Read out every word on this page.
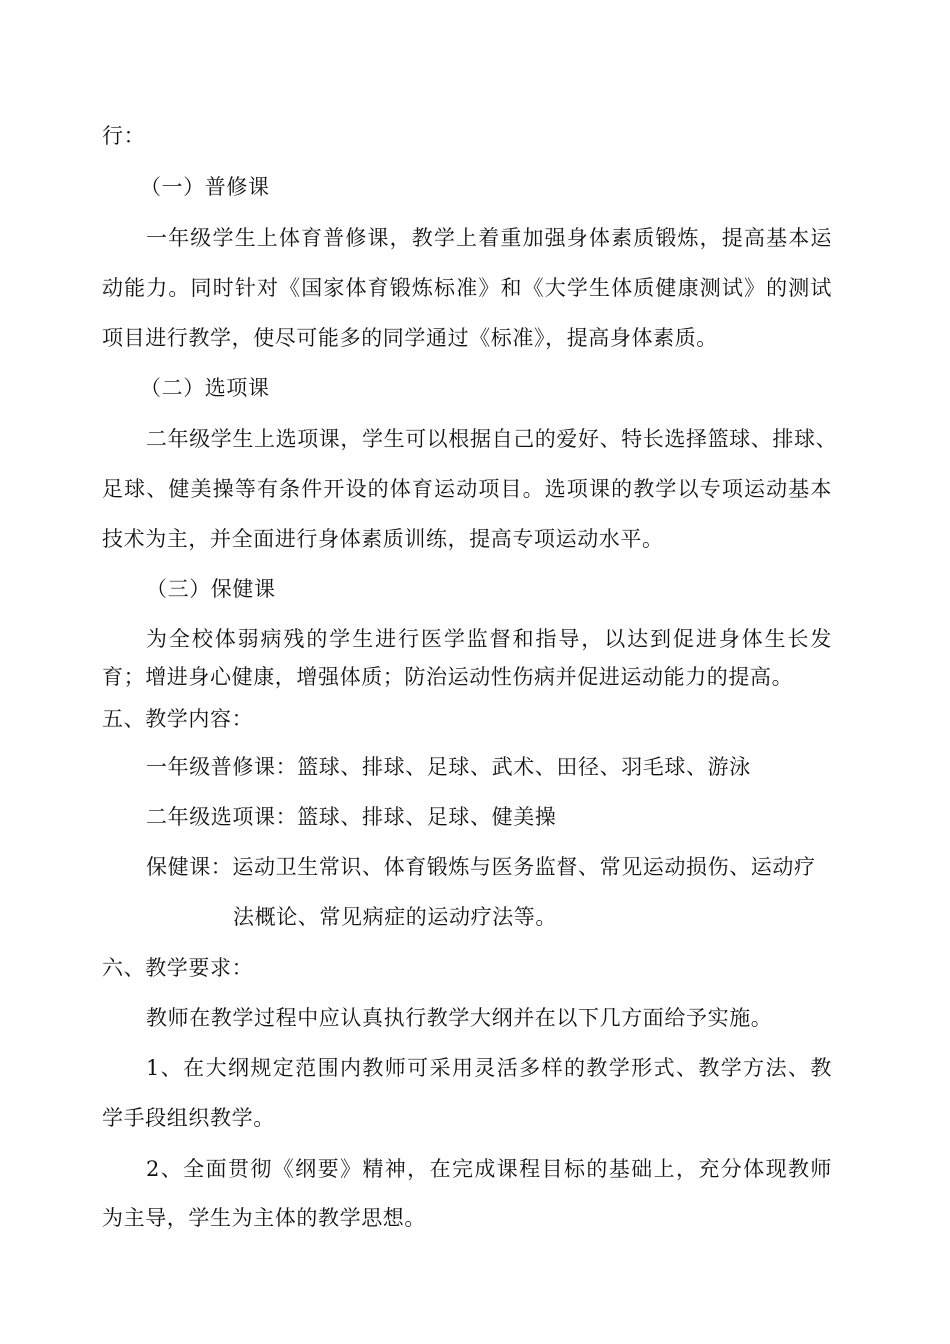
行：
（一）普修课
一年级学生上体育普修课，教学上着重加强身体素质锻炼，提高基本运
动能力。同时针对《国家体育锻炼标准》和《大学生体质健康测试》的测试
项目进行教学，使尽可能多的同学通过《标准》，提高身体素质。
（二）选项课
二年级学生上选项课，学生可以根据自己的爱好、特长选择篮球、排球、
足球、健美操等有条件开设的体育运动项目。选项课的教学以专项运动基本
技术为主，并全面进行身体素质训练，提高专项运动水平。
（三）保健课
为全校体弱病残的学生进行医学监督和指导，以达到促进身体生长发
育；增进身心健康，增强体质；防治运动性伤病并促进运动能力的提高。
五、教学内容：
一年级普修课：篮球、排球、足球、武术、田径、羽毛球、游泳
二年级选项课：篮球、排球、足球、健美操
保健课：运动卫生常识、体育锻炼与医务监督、常见运动损伤、运动疗
法概论、常见病症的运动疗法等。
六、教学要求：
教师在教学过程中应认真执行教学大纲并在以下几方面给予实施。
1、在大纲规定范围内教师可采用灵活多样的教学形式、教学方法、教
学手段组织教学。
2、全面贯彻《纲要》精神，在完成课程目标的基础上，充分体现教师
为主导，学生为主体的教学思想。
